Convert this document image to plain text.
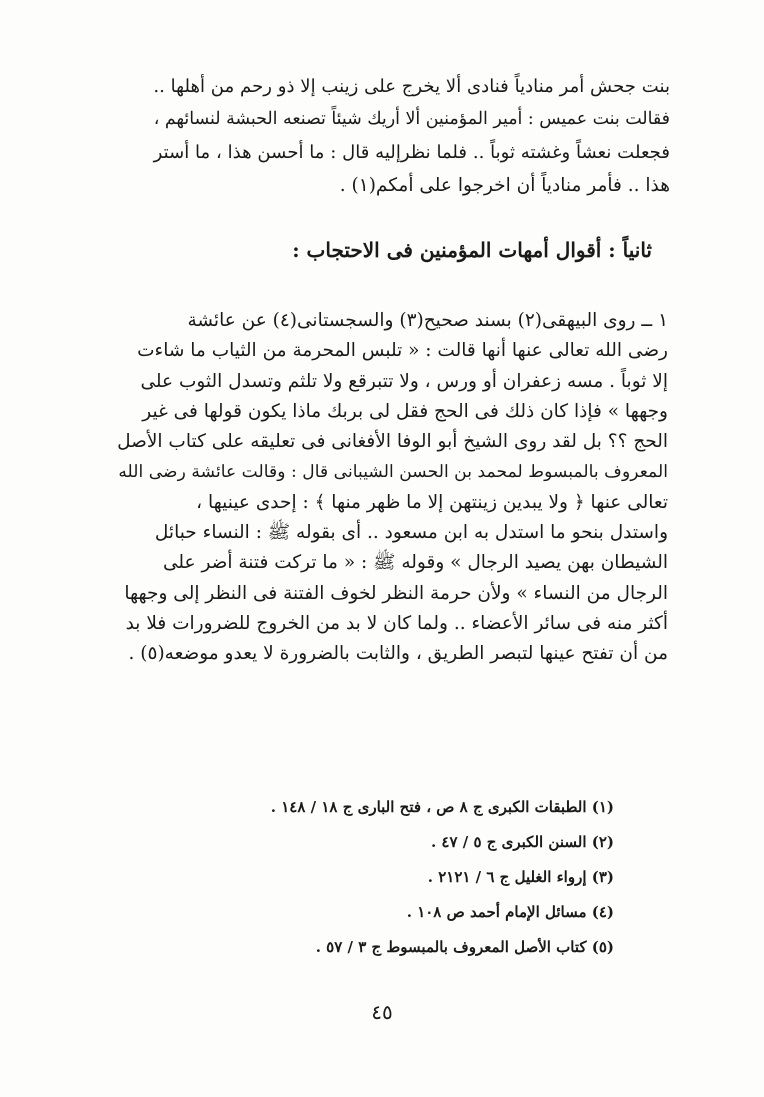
بنت جحش أمر منادياً فنادى ألا يخرج على زينب إلا ذو رحم من أهلها ..
فقالت بنت عميس : أمير المؤمنين ألا أريك شيئاً تصنعه الحبشة لنسائهم ،
فجعلت نعشاً وغشته ثوباً .. فلما نظرإليه قال : ما أحسن هذا ، ما أستر
هذا .. فأمر منادياً أن اخرجوا على أمكم(١) .
ثانياً : أقوال أمهات المؤمنين فى الاحتجاب :
١ ــ روى البيهقى(٢) بسند صحيح(٣) والسجستانى(٤) عن عائشة
رضى الله تعالى عنها أنها قالت : « تلبس المحرمة من الثياب ما شاءت
إلا ثوباً . مسه زعفران أو ورس ، ولا تتبرقع ولا تلثم وتسدل الثوب على
وجهها » فإذا كان ذلك فى الحج فقل لى بربك ماذا يكون قولها فى غير
الحج ؟؟ بل لقد روى الشيخ أبو الوفا الأفغانى فى تعليقه على كتاب الأصل
المعروف بالمبسوط لمحمد بن الحسن الشيبانى قال : وقالت عائشة رضى الله
تعالى عنها ﴿ ولا يبدين زينتهن إلا ما ظهر منها ﴾ : إحدى عينيها ،
واستدل بنحو ما استدل به ابن مسعود .. أى بقوله ﷺ : النساء حبائل
الشيطان بهن يصيد الرجال » وقوله ﷺ : « ما تركت فتنة أضر على
الرجال من النساء » ولأن حرمة النظر لخوف الفتنة فى النظر إلى وجهها
أكثر منه فى سائر الأعضاء .. ولما كان لا بد من الخروج للضرورات فلا بد
من أن تفتح عينها لتبصر الطريق ، والثابت بالضرورة لا يعدو موضعه(٥) .
(١) الطبقات الكبرى ج ٨ ص ، فتح البارى ج ١٨ / ١٤٨ .
(٢) السنن الكبرى ج ٥ / ٤٧ .
(٣) إرواء الغليل ج ٦ / ٢١٢١ .
(٤) مسائل الإمام أحمد ص ١٠٨ .
(٥) كتاب الأصل المعروف بالمبسوط ج ٣ / ٥٧ .
٤٥
